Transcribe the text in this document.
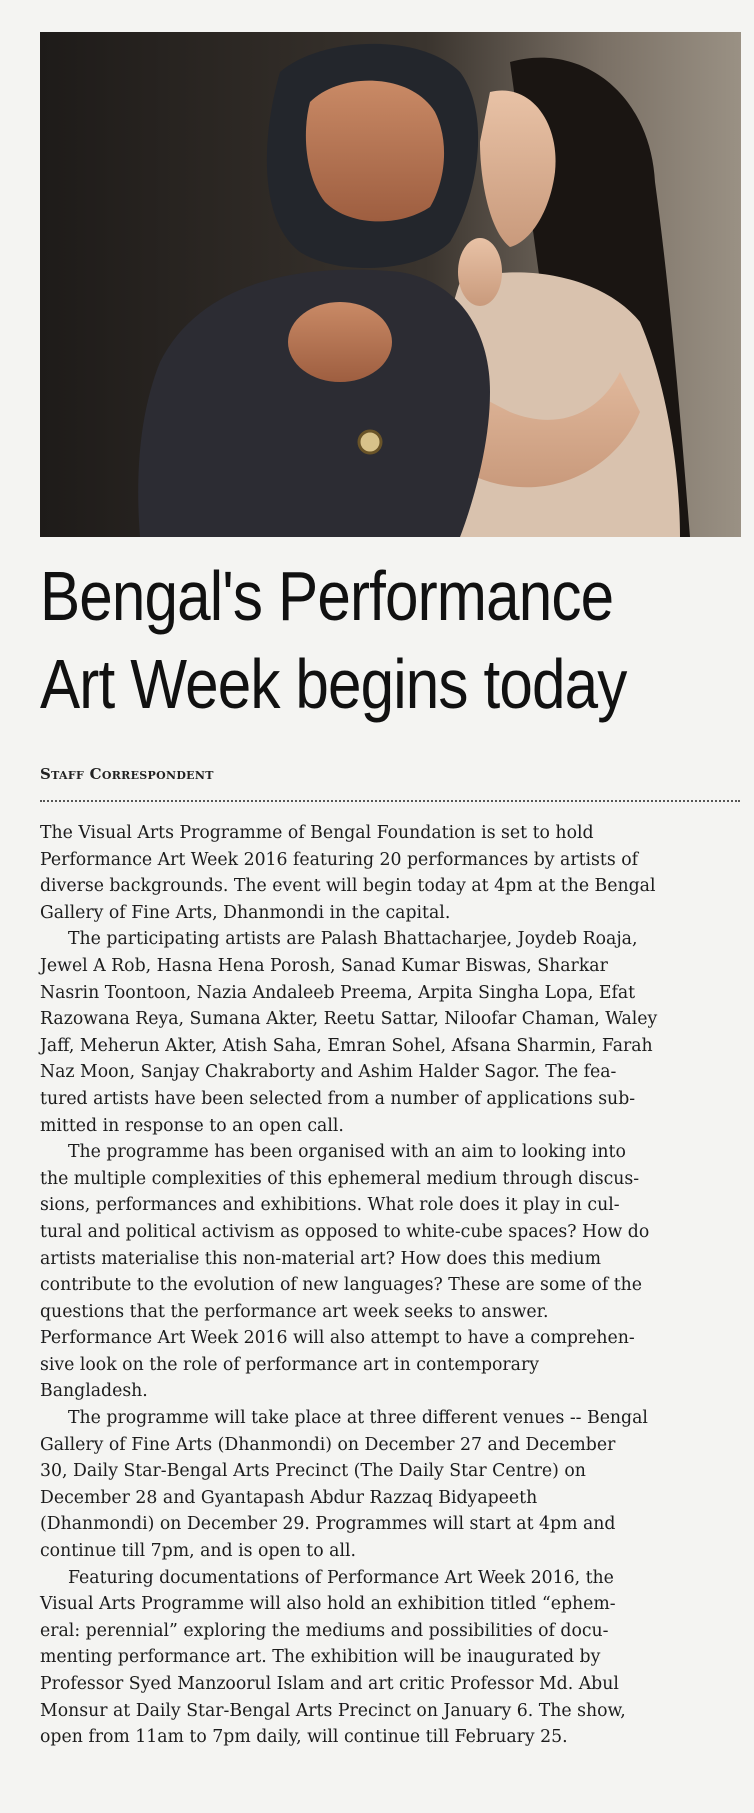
Bengal's Performance
Art Week begins today
Staff Correspondent
The Visual Arts Programme of Bengal Foundation is set to hold
Performance Art Week 2016 featuring 20 performances by artists of
diverse backgrounds. The event will begin today at 4pm at the Bengal
Gallery of Fine Arts, Dhanmondi in the capital.
The participating artists are Palash Bhattacharjee, Joydeb Roaja,
Jewel A Rob, Hasna Hena Porosh, Sanad Kumar Biswas, Sharkar
Nasrin Toontoon, Nazia Andaleeb Preema, Arpita Singha Lopa, Efat
Razowana Reya, Sumana Akter, Reetu Sattar, Niloofar Chaman, Waley
Jaff, Meherun Akter, Atish Saha, Emran Sohel, Afsana Sharmin, Farah
Naz Moon, Sanjay Chakraborty and Ashim Halder Sagor. The fea-
tured artists have been selected from a number of applications sub-
mitted in response to an open call.
The programme has been organised with an aim to looking into
the multiple complexities of this ephemeral medium through discus-
sions, performances and exhibitions. What role does it play in cul-
tural and political activism as opposed to white-cube spaces? How do
artists materialise this non-material art? How does this medium
contribute to the evolution of new languages? These are some of the
questions that the performance art week seeks to answer.
Performance Art Week 2016 will also attempt to have a comprehen-
sive look on the role of performance art in contemporary
Bangladesh.
The programme will take place at three different venues -- Bengal
Gallery of Fine Arts (Dhanmondi) on December 27 and December
30, Daily Star-Bengal Arts Precinct (The Daily Star Centre) on
December 28 and Gyantapash Abdur Razzaq Bidyapeeth
(Dhanmondi) on December 29. Programmes will start at 4pm and
continue till 7pm, and is open to all.
Featuring documentations of Performance Art Week 2016, the
Visual Arts Programme will also hold an exhibition titled “ephem-
eral: perennial” exploring the mediums and possibilities of docu-
menting performance art. The exhibition will be inaugurated by
Professor Syed Manzoorul Islam and art critic Professor Md. Abul
Monsur at Daily Star-Bengal Arts Precinct on January 6. The show,
open from 11am to 7pm daily, will continue till February 25.
